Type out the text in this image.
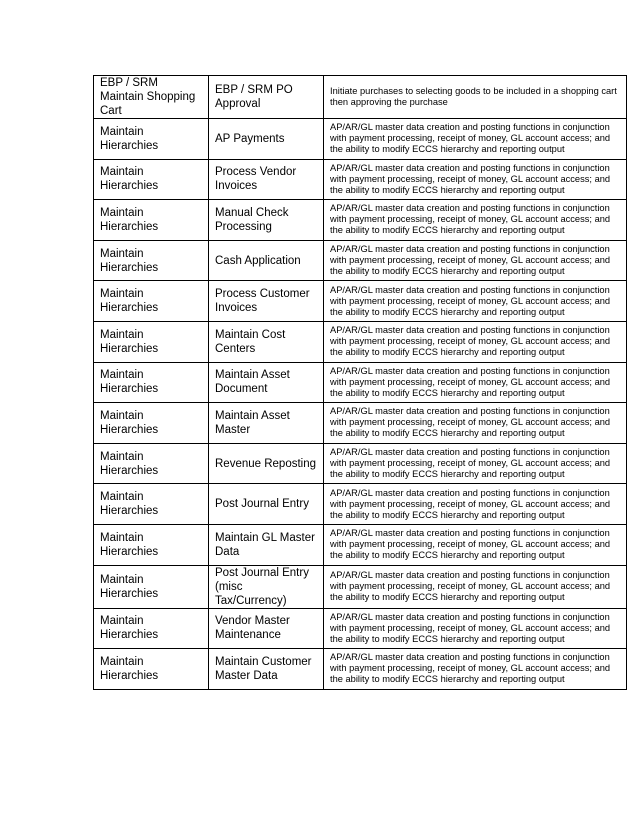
EBP / SRM Maintain Shopping Cart	EBP / SRM PO Approval	Initiate purchases to selecting goods to be included in a shopping cart then approving the purchase
Maintain Hierarchies	AP Payments	AP/AR/GL master data creation and posting functions in conjunction with payment processing, receipt of money, GL account access; and the ability to modify ECCS hierarchy and reporting output
Maintain Hierarchies	Process Vendor Invoices	AP/AR/GL master data creation and posting functions in conjunction with payment processing, receipt of money, GL account access; and the ability to modify ECCS hierarchy and reporting output
Maintain Hierarchies	Manual Check Processing	AP/AR/GL master data creation and posting functions in conjunction with payment processing, receipt of money, GL account access; and the ability to modify ECCS hierarchy and reporting output
Maintain Hierarchies	Cash Application	AP/AR/GL master data creation and posting functions in conjunction with payment processing, receipt of money, GL account access; and the ability to modify ECCS hierarchy and reporting output
Maintain Hierarchies	Process Customer Invoices	AP/AR/GL master data creation and posting functions in conjunction with payment processing, receipt of money, GL account access; and the ability to modify ECCS hierarchy and reporting output
Maintain Hierarchies	Maintain Cost Centers	AP/AR/GL master data creation and posting functions in conjunction with payment processing, receipt of money, GL account access; and the ability to modify ECCS hierarchy and reporting output
Maintain Hierarchies	Maintain Asset Document	AP/AR/GL master data creation and posting functions in conjunction with payment processing, receipt of money, GL account access; and the ability to modify ECCS hierarchy and reporting output
Maintain Hierarchies	Maintain Asset Master	AP/AR/GL master data creation and posting functions in conjunction with payment processing, receipt of money, GL account access; and the ability to modify ECCS hierarchy and reporting output
Maintain Hierarchies	Revenue Reposting	AP/AR/GL master data creation and posting functions in conjunction with payment processing, receipt of money, GL account access; and the ability to modify ECCS hierarchy and reporting output
Maintain Hierarchies	Post Journal Entry	AP/AR/GL master data creation and posting functions in conjunction with payment processing, receipt of money, GL account access; and the ability to modify ECCS hierarchy and reporting output
Maintain Hierarchies	Maintain GL Master Data	AP/AR/GL master data creation and posting functions in conjunction with payment processing, receipt of money, GL account access; and the ability to modify ECCS hierarchy and reporting output
Maintain Hierarchies	Post Journal Entry (misc Tax/Currency)	AP/AR/GL master data creation and posting functions in conjunction with payment processing, receipt of money, GL account access; and the ability to modify ECCS hierarchy and reporting output
Maintain Hierarchies	Vendor Master Maintenance	AP/AR/GL master data creation and posting functions in conjunction with payment processing, receipt of money, GL account access; and the ability to modify ECCS hierarchy and reporting output
Maintain Hierarchies	Maintain Customer Master Data	AP/AR/GL master data creation and posting functions in conjunction with payment processing, receipt of money, GL account access; and the ability to modify ECCS hierarchy and reporting output
